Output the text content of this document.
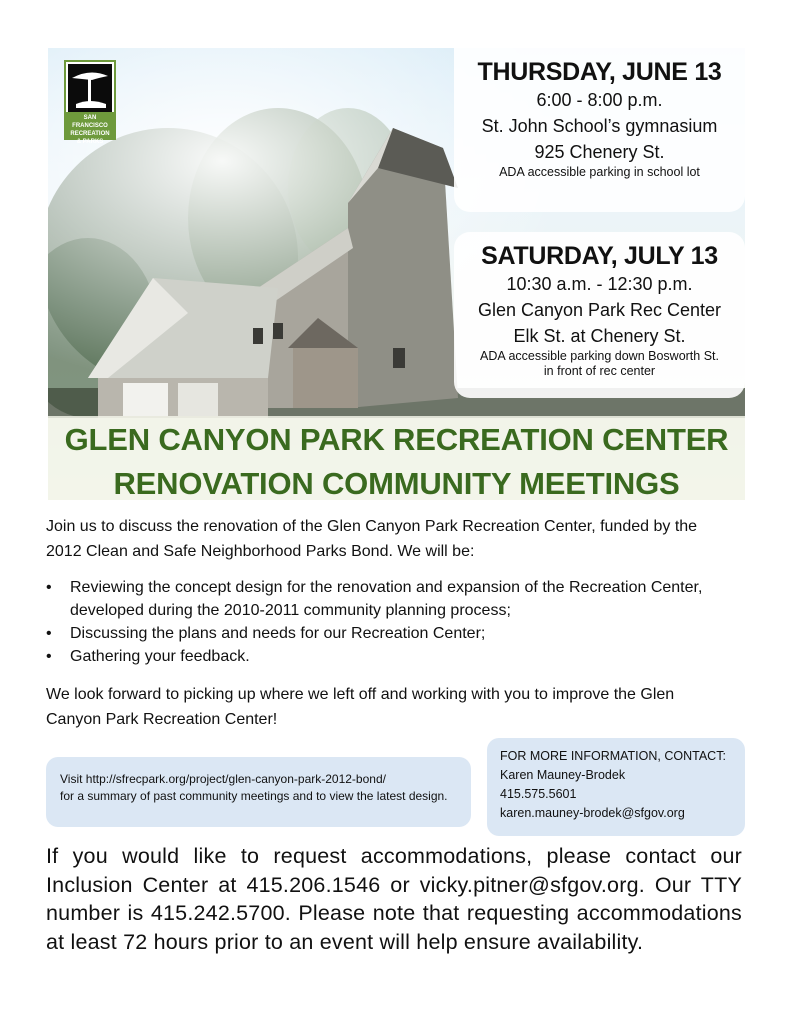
SAN FRANCISCO
RECREATION
& PARKS
THURSDAY, JUNE 13
6:00 - 8:00 p.m.
St. John School’s gymnasium
925 Chenery St.
ADA accessible parking in school lot
SATURDAY, JULY 13
10:30 a.m. - 12:30 p.m.
Glen Canyon Park Rec Center
Elk St. at Chenery St.
ADA accessible parking down Bosworth St.
in front of rec center
GLEN CANYON PARK RECREATION CENTER
RENOVATION COMMUNITY MEETINGS
Join us to discuss the renovation of the Glen Canyon Park Recreation Center, funded by the
2012 Clean and Safe Neighborhood Parks Bond. We will be:
• Reviewing the concept design for the renovation and expansion of the Recreation Center,
developed during the 2010-2011 community planning process;
• Discussing the plans and needs for our Recreation Center;
• Gathering your feedback.
We look forward to picking up where we left off and working with you to improve the Glen
Canyon Park Recreation Center!
Visit http://sfrecpark.org/project/glen-canyon-park-2012-bond/
for a summary of past community meetings and to view the latest design.
FOR MORE INFORMATION, CONTACT:
Karen Mauney-Brodek
415.575.5601
karen.mauney-brodek@sfgov.org
If you would like to request accommodations, please contact our Inclusion Center at 415.206.1546 or vicky.pitner@sfgov.org. Our TTY number is 415.242.5700. Please note that requesting accommodations at least 72 hours prior to an event will help ensure availability.
